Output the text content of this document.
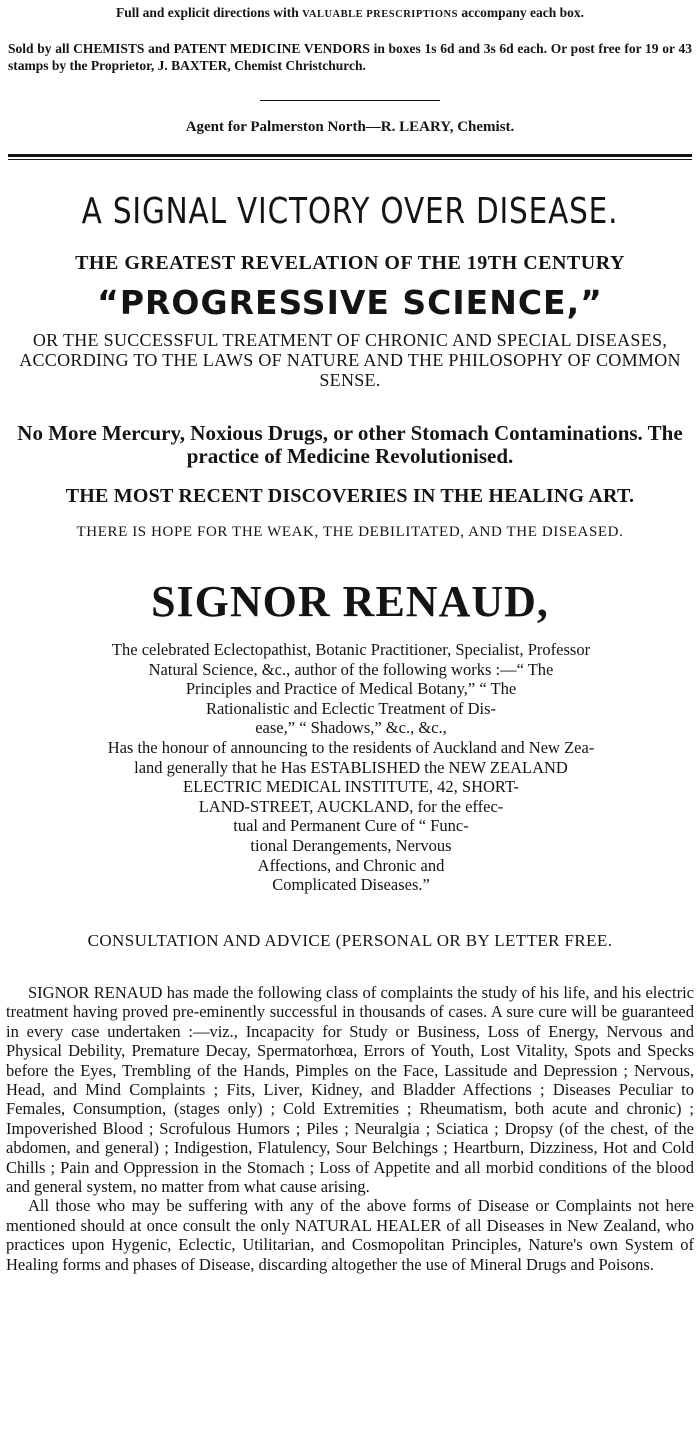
Full and explicit directions with VALUABLE PRESCRIPTIONS accompany each box.

Sold by all CHEMISTS and PATENT MEDICINE VENDORS in boxes 1s 6d and 3s 6d each. Or post free for 19 or 43 stamps by the Proprietor, J. BAXTER, Chemist Christchurch.

Agent for Palmerston North—R. LEARY, Chemist.

A SIGNAL VICTORY OVER DISEASE.

THE GREATEST REVELATION OF THE 19TH CENTURY

“PROGRESSIVE SCIENCE,”

OR THE SUCCESSFUL TREATMENT OF CHRONIC AND SPECIAL DISEASES, ACCORDING TO THE LAWS OF NATURE AND THE PHILOSOPHY OF COMMON SENSE.

No More Mercury, Noxious Drugs, or other Stomach Contaminations. The practice of Medicine Revolutionised.

THE MOST RECENT DISCOVERIES IN THE HEALING ART.

THERE IS HOPE FOR THE WEAK, THE DEBILITATED, AND THE DISEASED.

SIGNOR RENAUD,
The celebrated Eclectopathist, Botanic Practitioner, Specialist, Professor
Natural Science, &c., author of the following works :—“ The
Principles and Practice of Medical Botany,” “ The
Rationalistic and Eclectic Treatment of Dis-
ease,” “ Shadows,” &c., &c.,
Has the honour of announcing to the residents of Auckland and New Zea-
land generally that he Has ESTABLISHED the NEW ZEALAND
ELECTRIC MEDICAL INSTITUTE, 42, SHORT-
LAND-STREET, AUCKLAND, for the effec-
tual and Permanent Cure of “ Func-
tional Derangements, Nervous
Affections, and Chronic and
Complicated Diseases.”

CONSULTATION AND ADVICE (PERSONAL OR BY LETTER FREE.

SIGNOR RENAUD has made the following class of complaints the study of his life, and his electric treatment having proved pre-eminently successful in thousands of cases. A sure cure will be guaranteed in every case undertaken :—viz., Incapacity for Study or Business, Loss of Energy, Nervous and Physical Debility, Premature Decay, Spermatorhœa, Errors of Youth, Lost Vitality, Spots and Specks before the Eyes, Trembling of the Hands, Pimples on the Face, Lassitude and Depression ; Nervous, Head, and Mind Complaints ; Fits, Liver, Kidney, and Bladder Affections ; Diseases Peculiar to Females, Consumption, (stages only) ; Cold Extremities ; Rheumatism, both acute and chronic) ; Impoverished Blood ; Scrofulous Humors ; Piles ; Neuralgia ; Sciatica ; Dropsy (of the chest, of the abdomen, and general) ; Indigestion, Flatulency, Sour Belchings ; Heartburn, Dizziness, Hot and Cold Chills ; Pain and Oppression in the Stomach ; Loss of Appetite and all morbid conditions of the blood and general system, no matter from what cause arising.

All those who may be suffering with any of the above forms of Disease or Complaints not here mentioned should at once consult the only NATURAL HEALER of all Diseases in New Zealand, who practices upon Hygenic, Eclectic, Utilitarian, and Cosmopolitan Principles, Nature's own System of Healing forms and phases of Disease, discarding altogether the use of Mineral Drugs and Poisons.
